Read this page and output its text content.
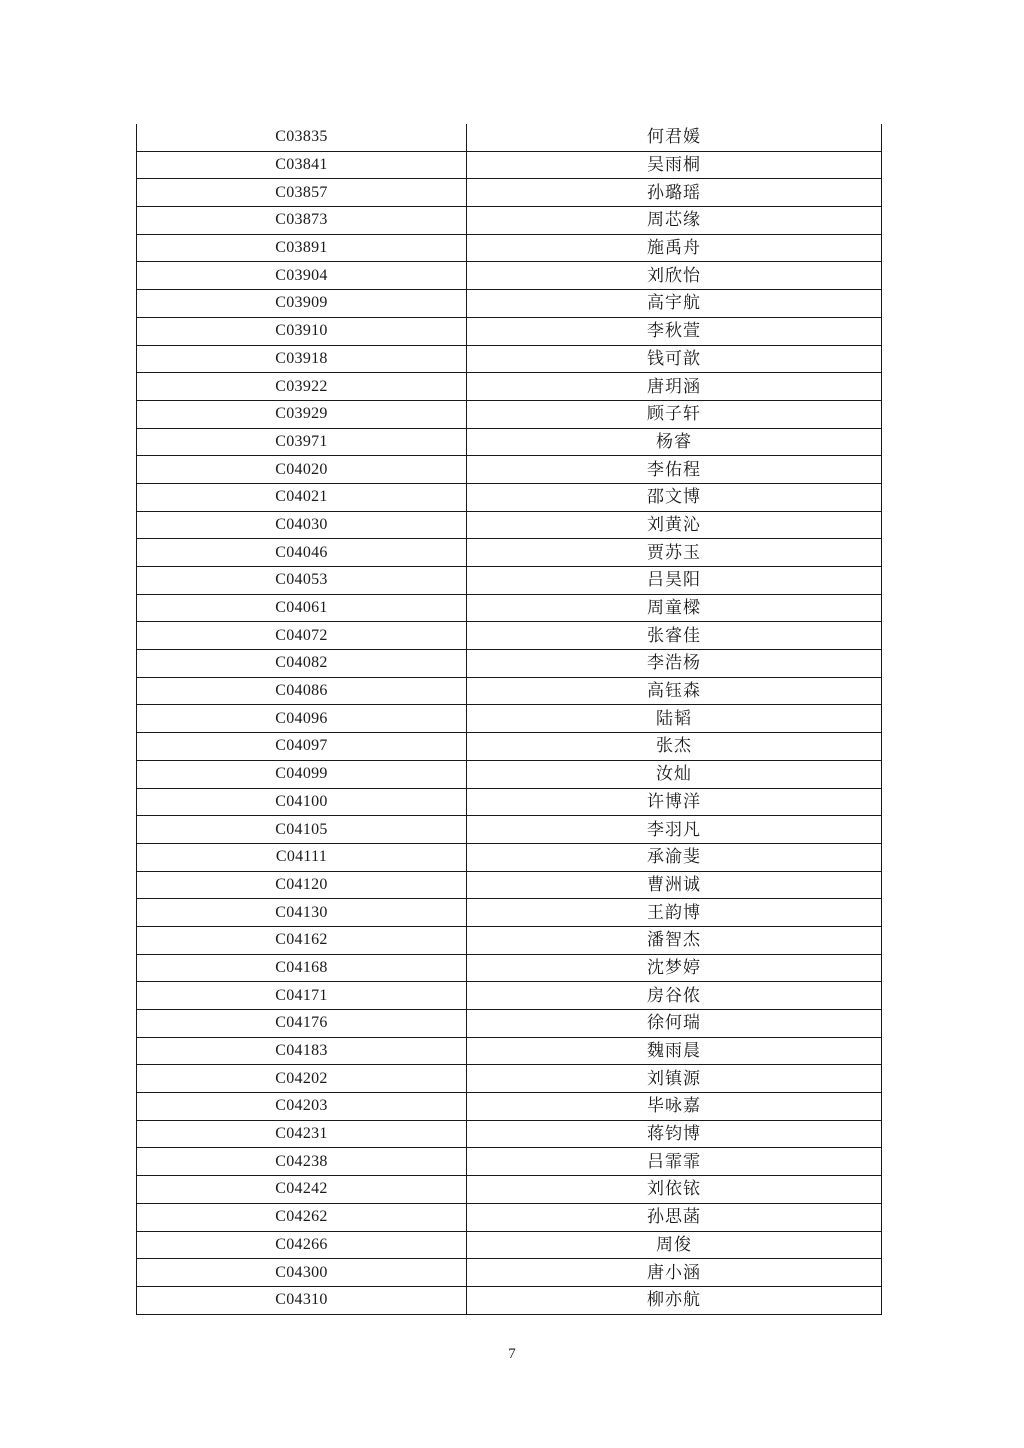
C03835	何君媛
C03841	吴雨桐
C03857	孙璐瑶
C03873	周芯缘
C03891	施禹舟
C03904	刘欣怡
C03909	高宇航
C03910	李秋萱
C03918	钱可歆
C03922	唐玥涵
C03929	顾子轩
C03971	杨睿
C04020	李佑程
C04021	邵文博
C04030	刘黄沁
C04046	贾苏玉
C04053	吕昊阳
C04061	周童樑
C04072	张睿佳
C04082	李浩杨
C04086	高钰森
C04096	陆韬
C04097	张杰
C04099	汝灿
C04100	许博洋
C04105	李羽凡
C04111	承渝斐
C04120	曹洲诚
C04130	王韵博
C04162	潘智杰
C04168	沈梦婷
C04171	房谷侬
C04176	徐何瑞
C04183	魏雨晨
C04202	刘镇源
C04203	毕咏嘉
C04231	蒋钧博
C04238	吕霏霏
C04242	刘依铱
C04262	孙思菡
C04266	周俊
C04300	唐小涵
C04310	柳亦航
7
